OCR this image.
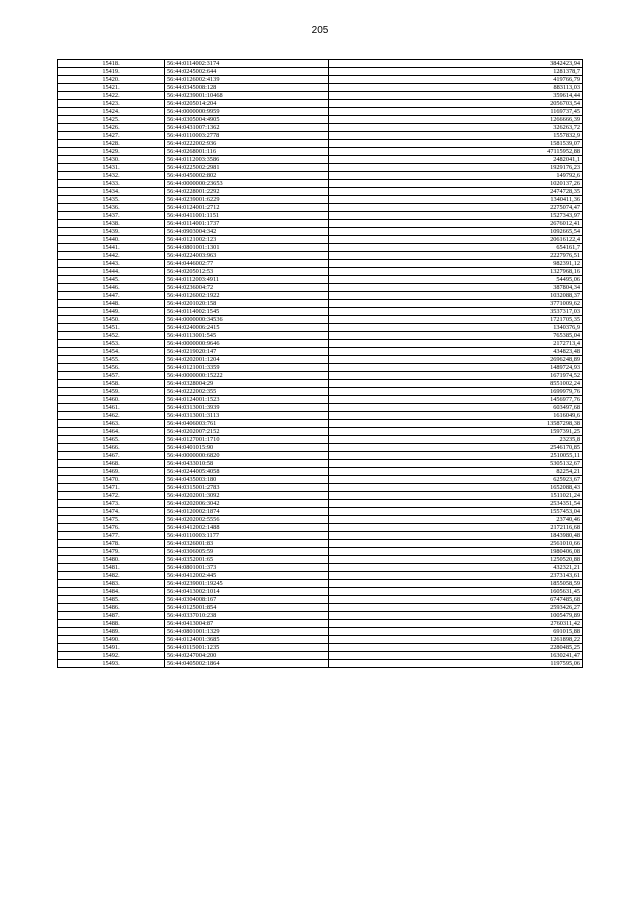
205
15418.	56:44:0114002:3174	3842423,94
15419.	56:44:0245002:644	1281378,7
15420.	56:44:0126002:4139	419766,79
15421.	56:44:0345008:128	883113,03
15422.	56:44:0239001:10468	359614,44
15423.	56:44:0205014:204	2056703,54
15424.	56:44:0000000:9959	1169737,45
15425.	56:44:0305004:4905	1266666,39
15426.	56:44:0431007:1362	326263,72
15427.	56:44:0110003:2778	1557832,9
15428.	56:44:0222002:936	1581539,07
15429.	56:44:0268001:116	47115952,88
15430.	56:44:0112003:3586	2482041,1
15431.	56:44:0225002:2981	1929176,23
15432.	56:44:0450002:802	149792,6
15433.	56:44:0000000:23653	1020137,26
15434.	56:44:0228001:2292	2474728,35
15435.	56:44:0239001:6229	1340411,36
15436.	56:44:0124001:2712	2275074,47
15437.	56:44:0411001:1151	1527343,97
15438.	56:44:0114001:1737	2676012,41
15439.	56:44:0903004:342	1092665,54
15440.	56:44:0121002:123	20616122,4
15441.	56:44:0801001:1301	654161,7
15442.	56:44:0224003:963	2227976,51
15443.	56:44:0446002:77	982391,12
15444.	56:44:0205012:53	1327968,16
15445.	56:44:0112003:4911	54495,06
15446.	56:44:0236004:72	387804,34
15447.	56:44:0126002:1922	1032088,37
15448.	56:44:0201020:158	3771009,62
15449.	56:44:0114002:1545	3537317,03
15450.	56:44:0000000:34536	1721705,35
15451.	56:44:0240006:2415	1340376,9
15452.	56:44:0113001:545	765385,04
15453.	56:44:0000000:9646	2172713,4
15454.	56:44:0219020:147	434823,48
15455.	56:44:0202001:1204	2696248,89
15456.	56:44:0121001:3359	1489724,93
15457.	56:44:0000000:15222	1671974,52
15458.	56:44:0328004:29	8551002,24
15459.	56:44:0222002:355	1699979,76
15460.	56:44:0124001:1523	1456977,76
15461.	56:44:0313001:3939	603497,68
15462.	56:44:0313001:3113	1616049,6
15463.	56:44:0406003:761	13587298,38
15464.	56:44:0202007:2152	1597391,25
15465.	56:44:0127001:1710	23235,8
15466.	56:44:0401015:90	2546170,85
15467.	56:44:0000000:6820	2510055,11
15468.	56:44:0433010:58	5305132,67
15469.	56:44:0244005:4058	82254,21
15470.	56:44:0435003:180	625923,67
15471.	56:44:0315001:2783	1652088,43
15472.	56:44:0202001:3092	1511021,24
15473.	56:44:0202006:3042	2534351,54
15474.	56:44:0120002:1874	1557453,04
15475.	56:44:0202002:5556	23740,46
15476.	56:44:0412002:1488	2172116,68
15477.	56:44:0110003:1177	1843980,48
15478.	56:44:0326001:83	2561010,66
15479.	56:44:0306005:59	1980406,08
15480.	56:44:0352001:65	1250520,88
15481.	56:44:0801001:373	432321,21
15482.	56:44:0412002:445	2373143,61
15483.	56:44:0239001:19245	1855058,59
15484.	56:44:0413002:1014	1605631,45
15485.	56:44:0304008:167	6747485,68
15486.	56:44:0125001:854	2593426,27
15487.	56:44:0337010:238	1005479,89
15488.	56:44:0413004:87	2760311,42
15489.	56:44:0801001:1329	691015,88
15490.	56:44:0124001:3685	1261898,22
15491.	56:44:0115001:1235	2280485,25
15492.	56:44:0247004:200	1630241,47
15493.	56:44:0405002:1864	1197595,06
